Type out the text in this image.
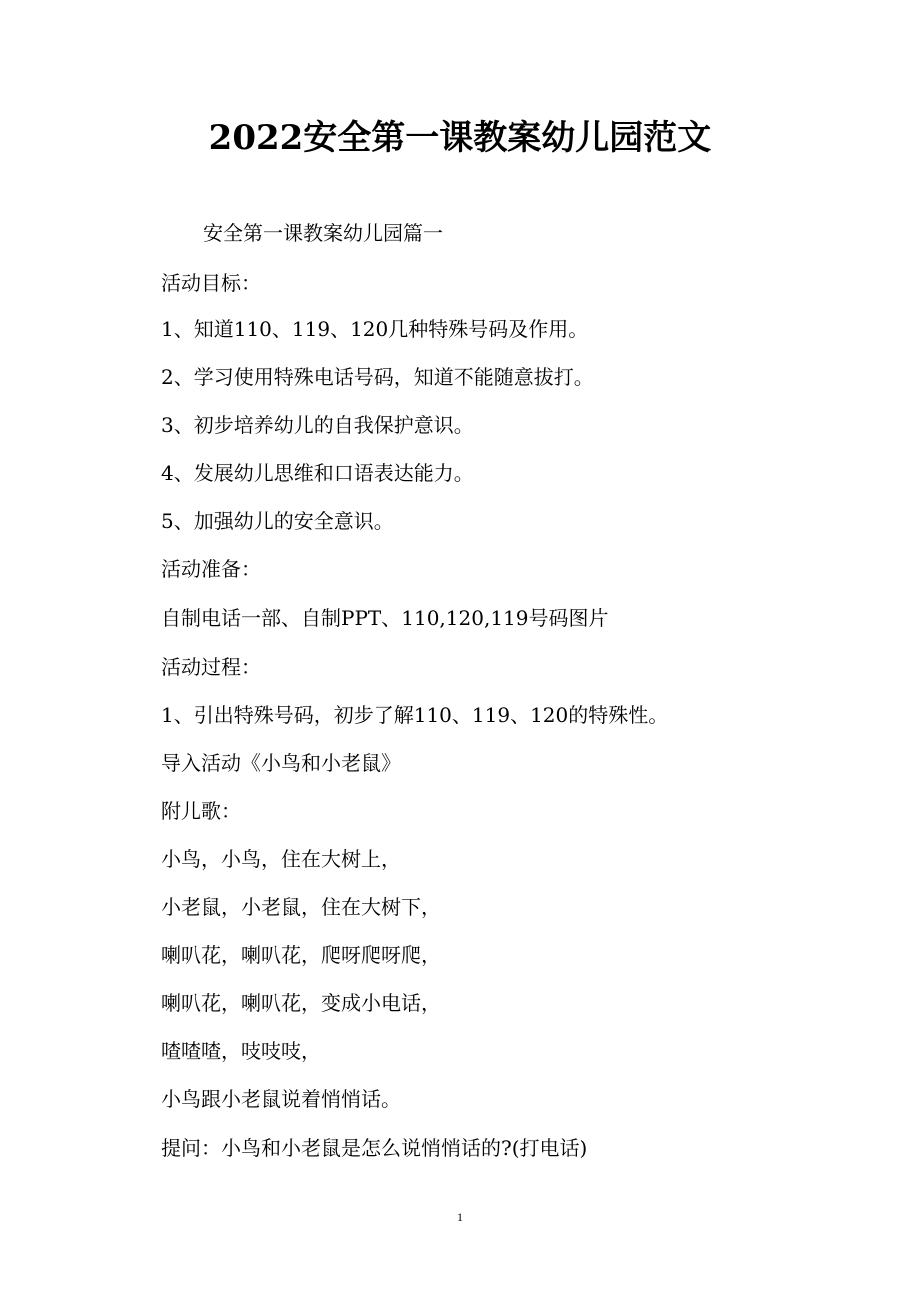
2022安全第一课教案幼儿园范文

安全第一课教案幼儿园篇一

活动目标：

1、知道110、119、120几种特殊号码及作用。

2、学习使用特殊电话号码，知道不能随意拔打。

3、初步培养幼儿的自我保护意识。

4、发展幼儿思维和口语表达能力。

5、加强幼儿的安全意识。

活动准备：

自制电话一部、自制PPT、110,120,119号码图片

活动过程：

1、引出特殊号码，初步了解110、119、120的特殊性。

导入活动《小鸟和小老鼠》

附儿歌：

小鸟，小鸟，住在大树上，

小老鼠，小老鼠，住在大树下，

喇叭花，喇叭花，爬呀爬呀爬，

喇叭花，喇叭花，变成小电话，

喳喳喳，吱吱吱，

小鸟跟小老鼠说着悄悄话。

提问：小鸟和小老鼠是怎么说悄悄话的?(打电话)

1
